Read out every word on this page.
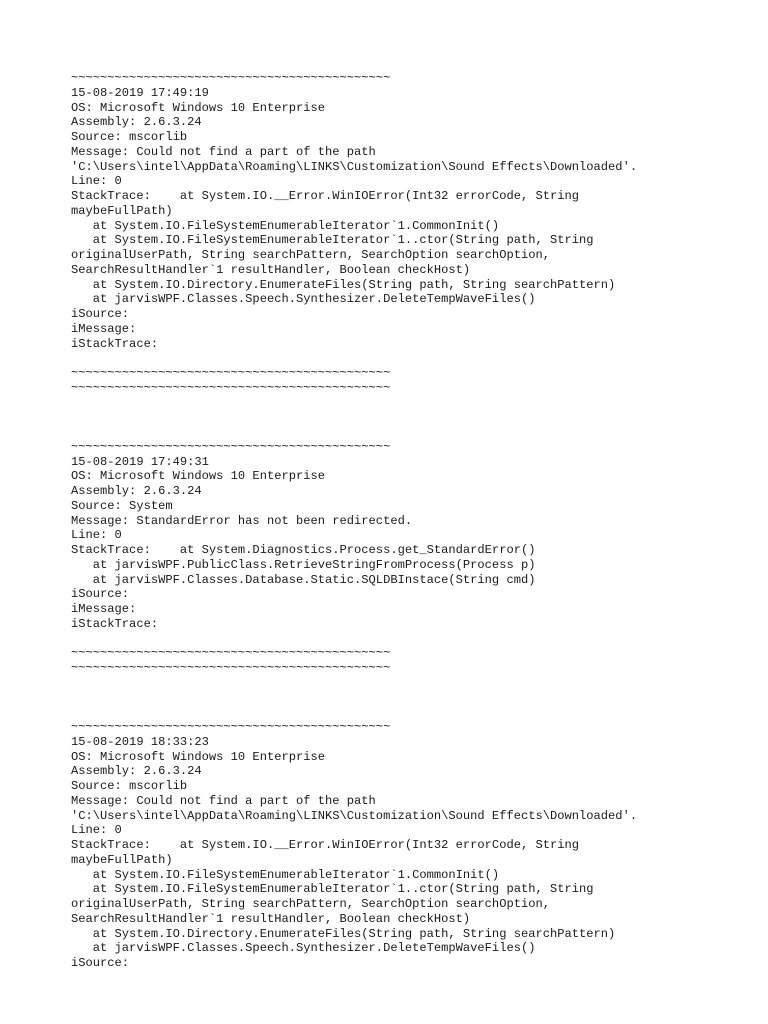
~~~~~~~~~~~~~~~~~~~~~~~~~~~~~~~~~~~~~~~~~~~~
15-08-2019 17:49:19
OS: Microsoft Windows 10 Enterprise
Assembly: 2.6.3.24
Source: mscorlib
Message: Could not find a part of the path
'C:\Users\intel\AppData\Roaming\LINKS\Customization\Sound Effects\Downloaded'.
Line: 0
StackTrace:    at System.IO.__Error.WinIOError(Int32 errorCode, String
maybeFullPath)
at System.IO.FileSystemEnumerableIterator`1.CommonInit()
at System.IO.FileSystemEnumerableIterator`1..ctor(String path, String
originalUserPath, String searchPattern, SearchOption searchOption,
SearchResultHandler`1 resultHandler, Boolean checkHost)
at System.IO.Directory.EnumerateFiles(String path, String searchPattern)
at jarvisWPF.Classes.Speech.Synthesizer.DeleteTempWaveFiles()
iSource:
iMessage:
iStackTrace:
~~~~~~~~~~~~~~~~~~~~~~~~~~~~~~~~~~~~~~~~~~~~
~~~~~~~~~~~~~~~~~~~~~~~~~~~~~~~~~~~~~~~~~~~~
~~~~~~~~~~~~~~~~~~~~~~~~~~~~~~~~~~~~~~~~~~~~
15-08-2019 17:49:31
OS: Microsoft Windows 10 Enterprise
Assembly: 2.6.3.24
Source: System
Message: StandardError has not been redirected.
Line: 0
StackTrace:    at System.Diagnostics.Process.get_StandardError()
at jarvisWPF.PublicClass.RetrieveStringFromProcess(Process p)
at jarvisWPF.Classes.Database.Static.SQLDBInstace(String cmd)
iSource:
iMessage:
iStackTrace:
~~~~~~~~~~~~~~~~~~~~~~~~~~~~~~~~~~~~~~~~~~~~
~~~~~~~~~~~~~~~~~~~~~~~~~~~~~~~~~~~~~~~~~~~~
~~~~~~~~~~~~~~~~~~~~~~~~~~~~~~~~~~~~~~~~~~~~
15-08-2019 18:33:23
OS: Microsoft Windows 10 Enterprise
Assembly: 2.6.3.24
Source: mscorlib
Message: Could not find a part of the path
'C:\Users\intel\AppData\Roaming\LINKS\Customization\Sound Effects\Downloaded'.
Line: 0
StackTrace:    at System.IO.__Error.WinIOError(Int32 errorCode, String
maybeFullPath)
at System.IO.FileSystemEnumerableIterator`1.CommonInit()
at System.IO.FileSystemEnumerableIterator`1..ctor(String path, String
originalUserPath, String searchPattern, SearchOption searchOption,
SearchResultHandler`1 resultHandler, Boolean checkHost)
at System.IO.Directory.EnumerateFiles(String path, String searchPattern)
at jarvisWPF.Classes.Speech.Synthesizer.DeleteTempWaveFiles()
iSource:
